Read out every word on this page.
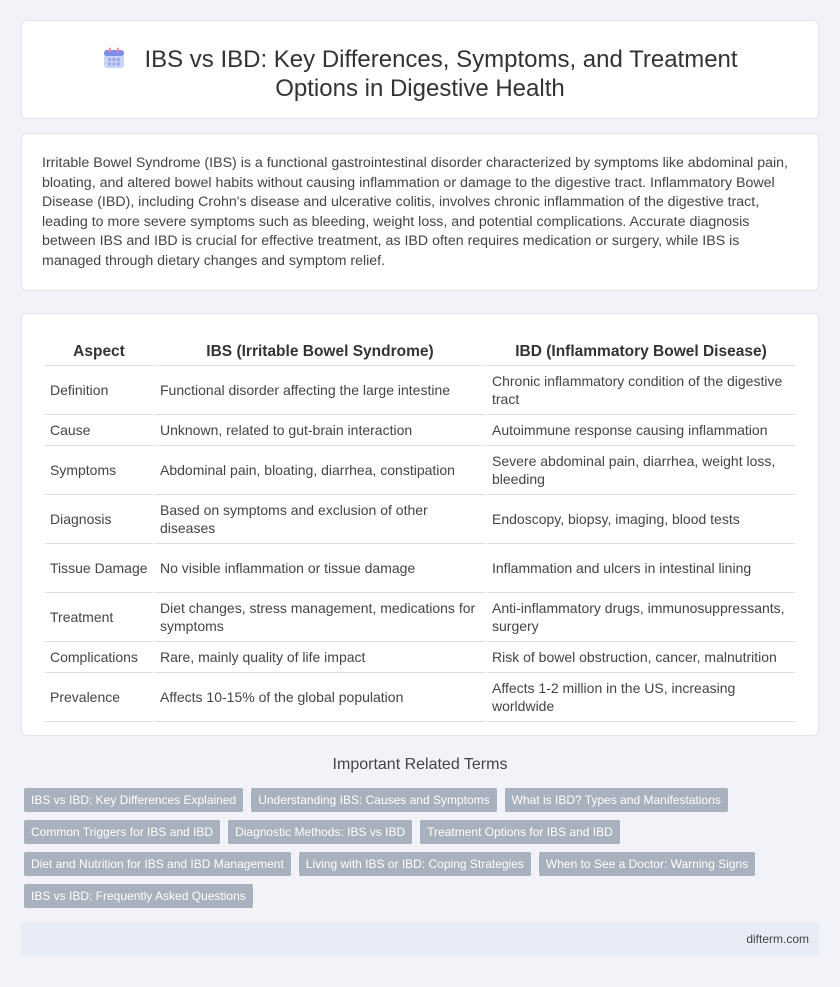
IBS vs IBD: Key Differences, Symptoms, and Treatment Options in Digestive Health

Irritable Bowel Syndrome (IBS) is a functional gastrointestinal disorder characterized by symptoms like abdominal pain, bloating, and altered bowel habits without causing inflammation or damage to the digestive tract. Inflammatory Bowel Disease (IBD), including Crohn's disease and ulcerative colitis, involves chronic inflammation of the digestive tract, leading to more severe symptoms such as bleeding, weight loss, and potential complications. Accurate diagnosis between IBS and IBD is crucial for effective treatment, as IBD often requires medication or surgery, while IBS is managed through dietary changes and symptom relief.

Aspect	IBS (Irritable Bowel Syndrome)	IBD (Inflammatory Bowel Disease)
Definition	Functional disorder affecting the large intestine	Chronic inflammatory condition of the digestive tract
Cause	Unknown, related to gut-brain interaction	Autoimmune response causing inflammation
Symptoms	Abdominal pain, bloating, diarrhea, constipation	Severe abdominal pain, diarrhea, weight loss, bleeding
Diagnosis	Based on symptoms and exclusion of other diseases	Endoscopy, biopsy, imaging, blood tests
Tissue Damage	No visible inflammation or tissue damage	Inflammation and ulcers in intestinal lining
Treatment	Diet changes, stress management, medications for symptoms	Anti-inflammatory drugs, immunosuppressants, surgery
Complications	Rare, mainly quality of life impact	Risk of bowel obstruction, cancer, malnutrition
Prevalence	Affects 10-15% of the global population	Affects 1-2 million in the US, increasing worldwide
Important Related Terms
IBS vs IBD: Key Differences Explained	Understanding IBS: Causes and Symptoms	What is IBD? Types and Manifestations
Common Triggers for IBS and IBD	Diagnostic Methods: IBS vs IBD	Treatment Options for IBS and IBD
Diet and Nutrition for IBS and IBD Management	Living with IBS or IBD: Coping Strategies	When to See a Doctor: Warning Signs
IBS vs IBD: Frequently Asked Questions
difterm.com
